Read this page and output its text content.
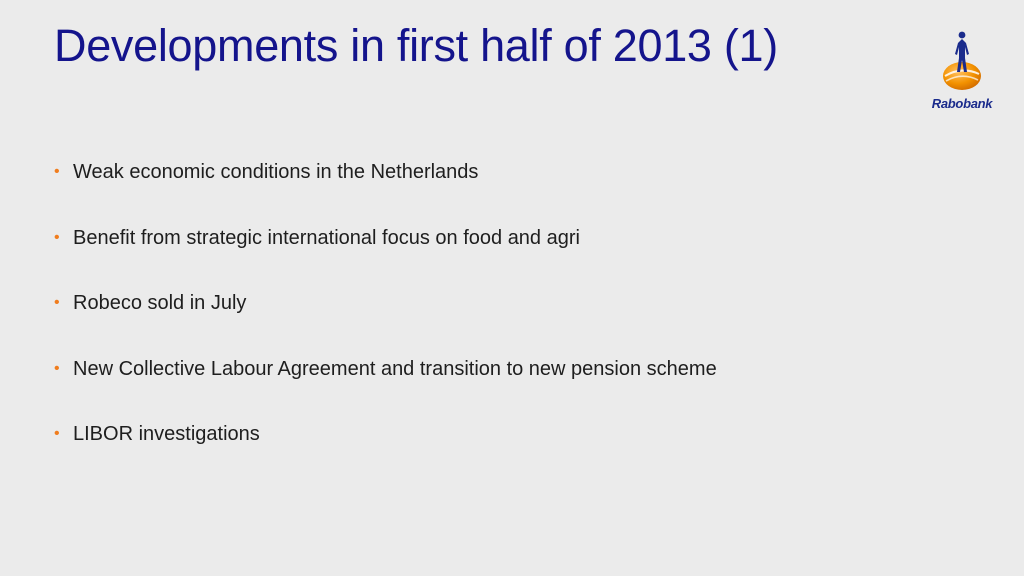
Developments in first half of 2013 (1)
Rabobank
• Weak economic conditions in the Netherlands
• Benefit from strategic international focus on food and agri
• Robeco sold in July
• New Collective Labour Agreement and transition to new pension scheme
• LIBOR investigations
